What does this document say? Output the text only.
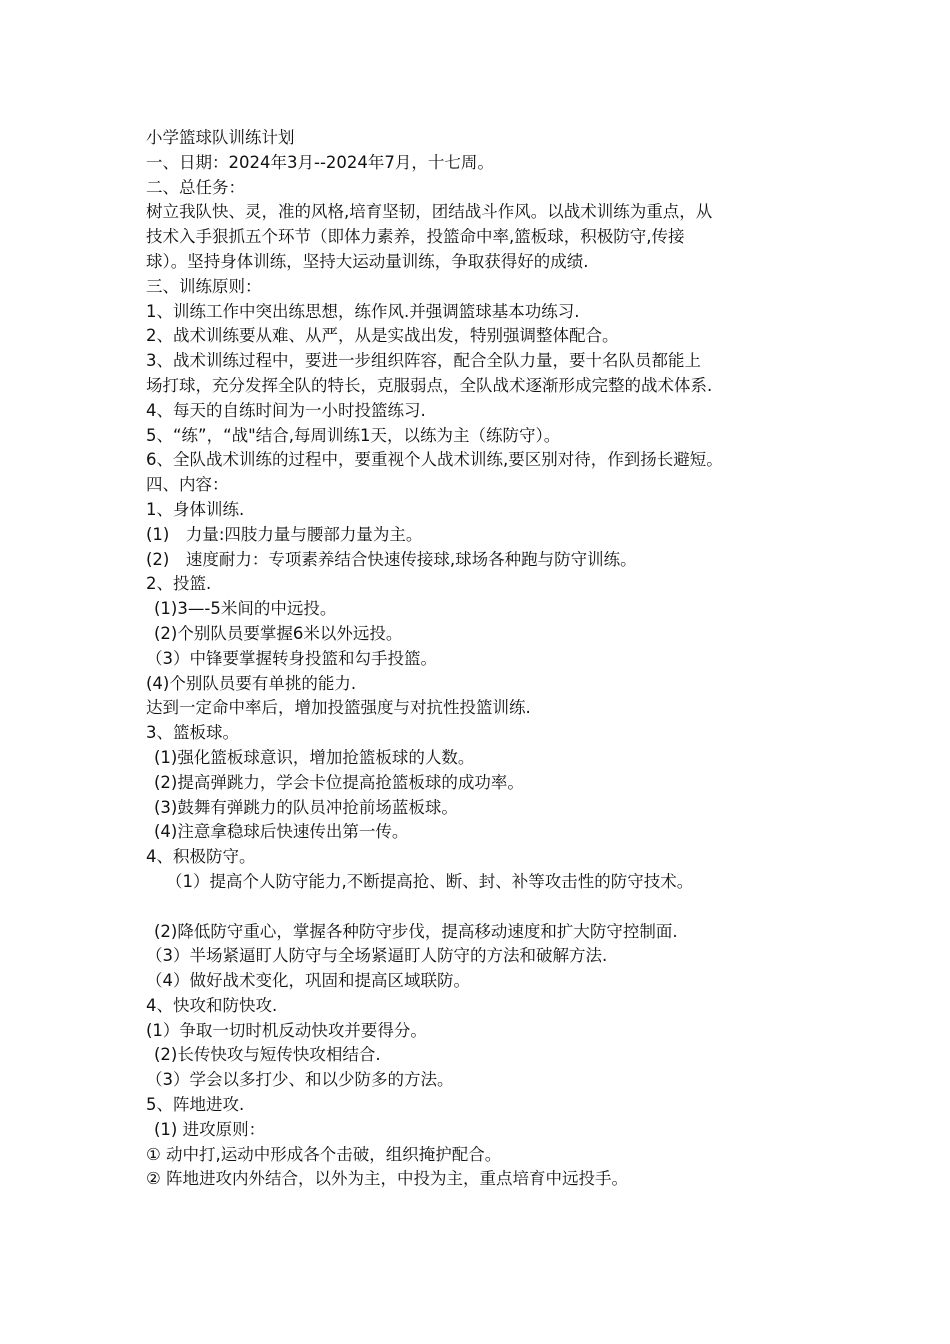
小学篮球队训练计划

一、日期：2024年3月--2024年7月，十七周。

二、总任务：

树立我队快、灵，准的风格,培育坚韧，团结战斗作风。以战术训练为重点，从

技术入手狠抓五个环节（即体力素养，投篮命中率,篮板球，积极防守,传接

球）。坚持身体训练，坚持大运动量训练，争取获得好的成绩.

三、训练原则：

1、训练工作中突出练思想，练作风.并强调篮球基本功练习.

2、战术训练要从难、从严，从是实战出发，特别强调整体配合。

3、战术训练过程中，要进一步组织阵容，配合全队力量，要十名队员都能上

场打球，充分发挥全队的特长，克服弱点，全队战术逐渐形成完整的战术体系.

4、每天的自练时间为一小时投篮练习.

5、“练”，“战"结合,每周训练1天，以练为主（练防守）。

6、全队战术训练的过程中，要重视个人战术训练,要区别对待，作到扬长避短。

四、内容：

1、身体训练.

(1)　力量:四肢力量与腰部力量为主。

(2)　速度耐力：专项素养结合快速传接球,球场各种跑与防守训练。

2、投篮.

(1)3—-5米间的中远投。

(2)个别队员要掌握6米以外远投。

（3）中锋要掌握转身投篮和勾手投篮。

(4)个别队员要有单挑的能力.

达到一定命中率后，增加投篮强度与对抗性投篮训练.

3、篮板球。

(1)强化篮板球意识，增加抢篮板球的人数。

(2)提高弹跳力，学会卡位提高抢篮板球的成功率。

(3)鼓舞有弹跳力的队员冲抢前场蓝板球。

(4)注意拿稳球后快速传出第一传。

4、积极防守。

（1）提高个人防守能力,不断提高抢、断、封、补等攻击性的防守技术。

(2)降低防守重心，掌握各种防守步伐，提高移动速度和扩大防守控制面.

（3）半场紧逼盯人防守与全场紧逼盯人防守的方法和破解方法.

（4）做好战术变化，巩固和提高区域联防。

4、快攻和防快攻.

(1）争取一切时机反动快攻并要得分。

(2)长传快攻与短传快攻相结合.

（3）学会以多打少、和以少防多的方法。

5、阵地进攻.

(1) 进攻原则：

① 动中打,运动中形成各个击破，组织掩护配合。

② 阵地进攻内外结合，以外为主，中投为主，重点培育中远投手。
